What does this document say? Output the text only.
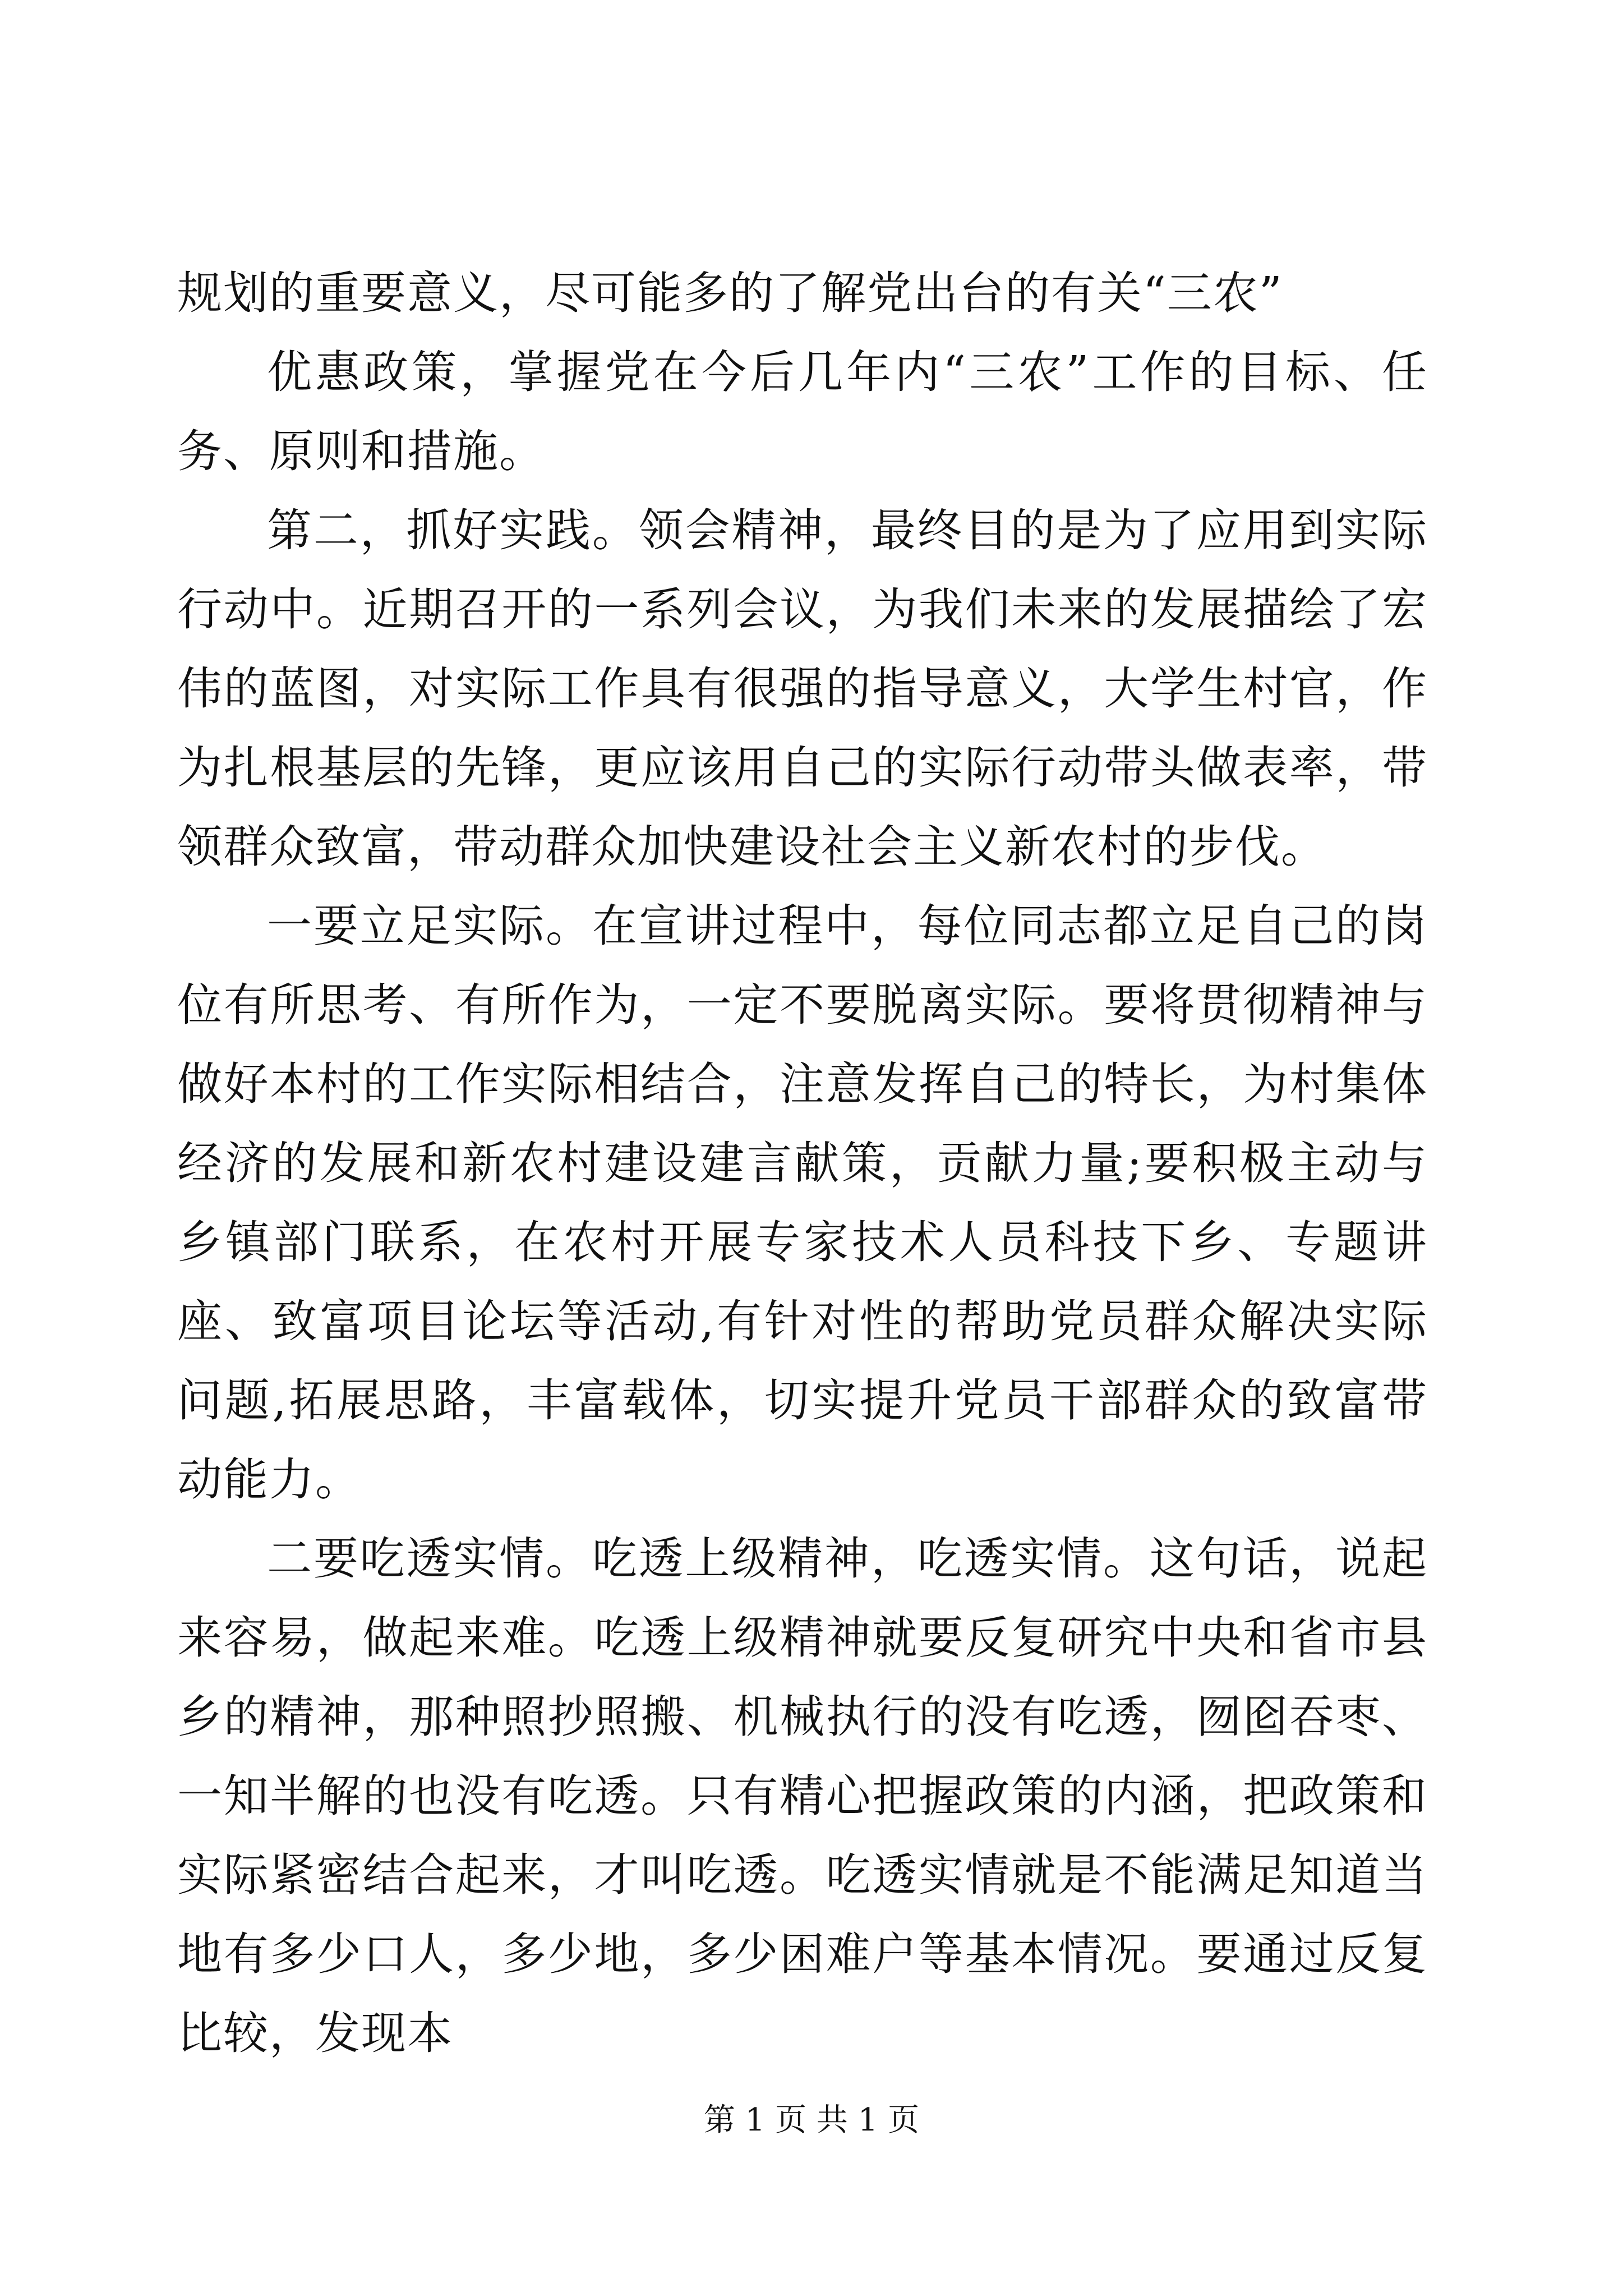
规划的重要意义，尽可能多的了解党出台的有关“三农”

优惠政策，掌握党在今后几年内“三农”工作的目标、任务、原则和措施。

第二，抓好实践。领会精神，最终目的是为了应用到实际行动中。近期召开的一系列会议，为我们未来的发展描绘了宏伟的蓝图，对实际工作具有很强的指导意义，大学生村官，作为扎根基层的先锋，更应该用自己的实际行动带头做表率，带领群众致富，带动群众加快建设社会主义新农村的步伐。

一要立足实际。在宣讲过程中，每位同志都立足自己的岗位有所思考、有所作为，一定不要脱离实际。要将贯彻精神与做好本村的工作实际相结合，注意发挥自己的特长，为村集体经济的发展和新农村建设建言献策，贡献力量;要积极主动与乡镇部门联系，在农村开展专家技术人员科技下乡、专题讲座、致富项目论坛等活动,有针对性的帮助党员群众解决实际问题,拓展思路，丰富载体，切实提升党员干部群众的致富带动能力。

二要吃透实情。吃透上级精神，吃透实情。这句话，说起来容易，做起来难。吃透上级精神就要反复研究中央和省市县乡的精神，那种照抄照搬、机械执行的没有吃透，囫囵吞枣、一知半解的也没有吃透。只有精心把握政策的内涵，把政策和实际紧密结合起来，才叫吃透。吃透实情就是不能满足知道当地有多少口人，多少地，多少困难户等基本情况。要通过反复比较，发现本

第 1 页 共 1 页
